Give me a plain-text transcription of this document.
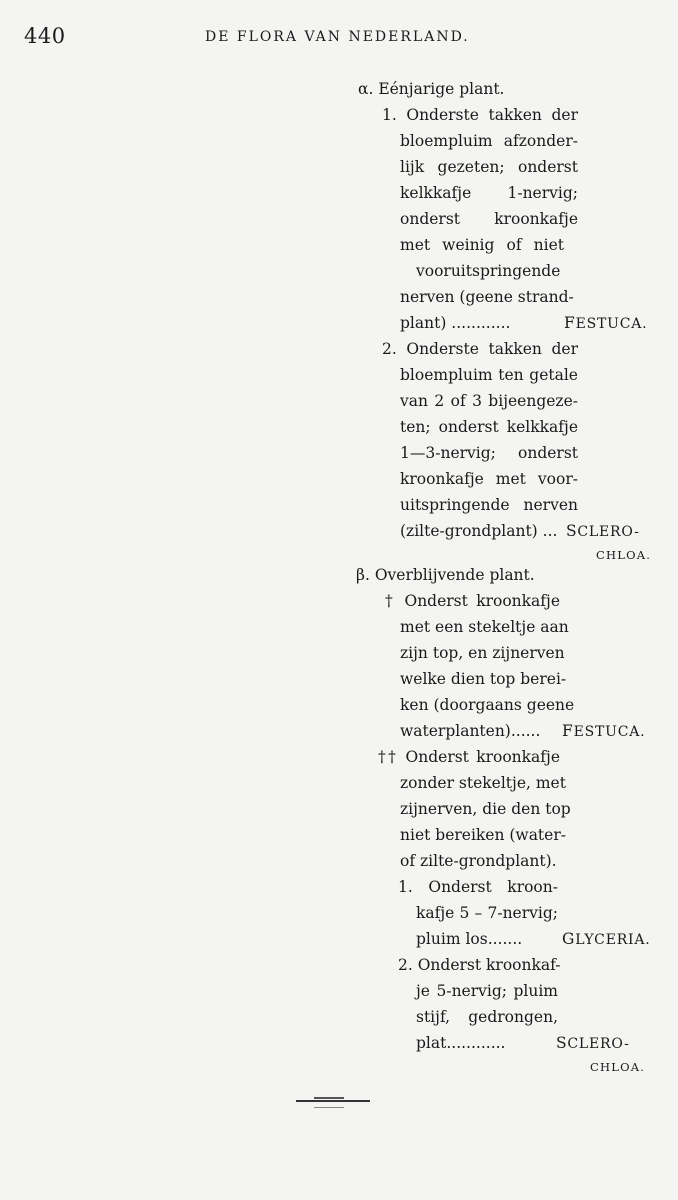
440	DE FLORA VAN NEDERLAND.
α. Eénjarige plant.
1. Onderste takken der
bloempluim afzonder-
lijk gezeten; onderst
kelkkafje 1-nervig;
onderst kroonkafje
met weinig of niet
vooruitspringende
nerven (geene strand-
plant) ............	FESTUCA.
2. Onderste takken der
bloempluim ten getale
van 2 of 3 bijeengeze-
ten; onderst kelkkafje
1—3-nervig; onderst
kroonkafje met voor-
uitspringende nerven
(zilte-grondplant) ... SCLERO-
CHLOA.
β. Overblijvende plant.
† Onderst kroonkafje
met een stekeltje aan
zijn top, en zijnerven
welke dien top berei-
ken (doorgaans geene
waterplanten)...... FESTUCA.
†† Onderst kroonkafje
zonder stekeltje, met
zijnerven, die den top
niet bereiken (water-
of zilte-grondplant).
1. Onderst kroon-
kafje 5 – 7-nervig;
pluim los.......	GLYCERIA.
2. Onderst kroonkaf-
je 5-nervig; pluim
stijf, gedrongen,
plat............	SCLERO-
CHLOA.
